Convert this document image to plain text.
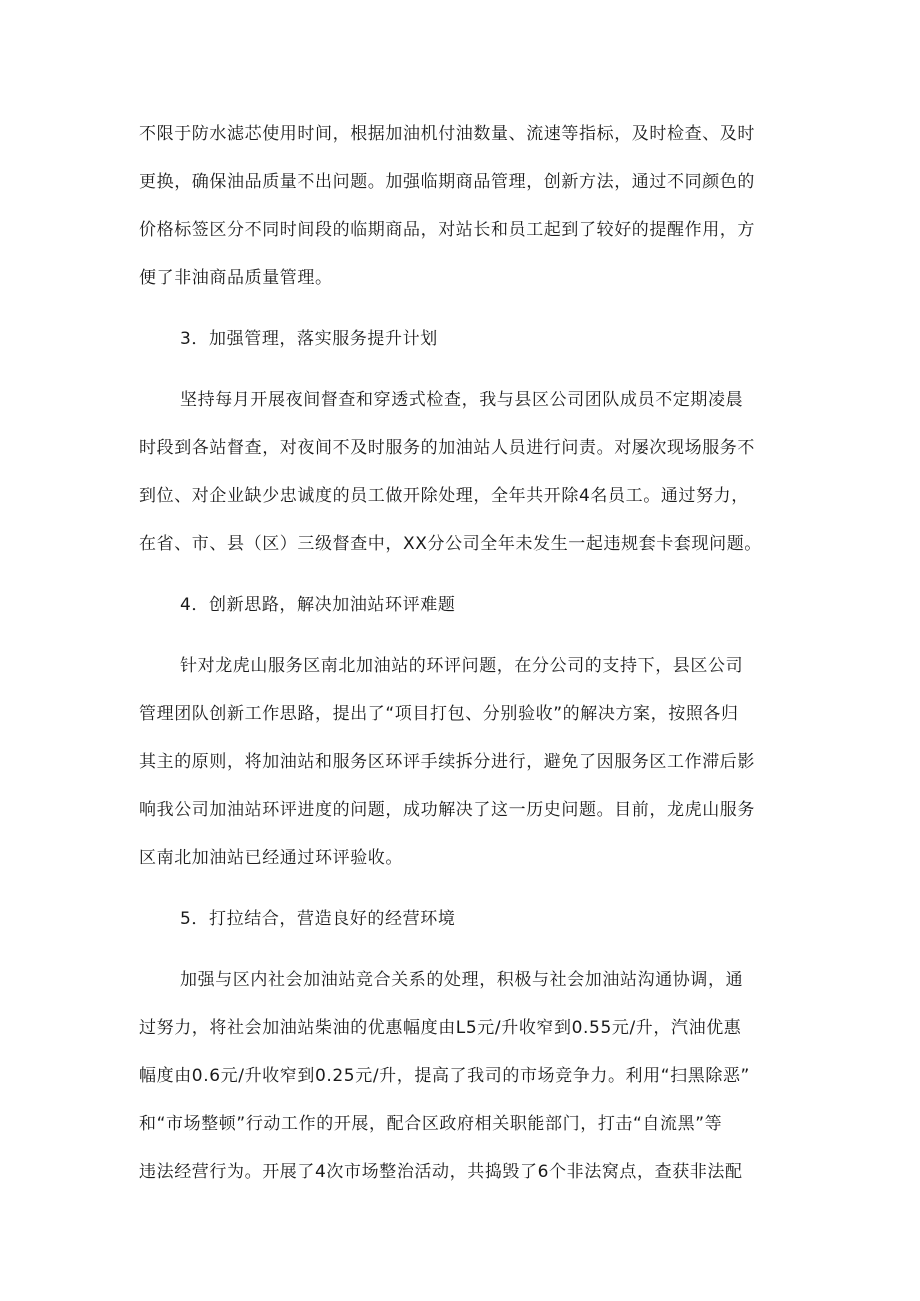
不限于防水滤芯使用时间，根据加油机付油数量、流速等指标，及时检查、及时
更换，确保油品质量不出问题。加强临期商品管理，创新方法，通过不同颜色的
价格标签区分不同时间段的临期商品，对站长和员工起到了较好的提醒作用，方
便了非油商品质量管理。
3．加强管理，落实服务提升计划
坚持每月开展夜间督查和穿透式检查，我与县区公司团队成员不定期凌晨
时段到各站督查，对夜间不及时服务的加油站人员进行问责。对屡次现场服务不
到位、对企业缺少忠诚度的员工做开除处理，全年共开除4名员工。通过努力，
在省、市、县（区）三级督查中，XX分公司全年未发生一起违规套卡套现问题。
4．创新思路，解决加油站环评难题
针对龙虎山服务区南北加油站的环评问题，在分公司的支持下，县区公司
管理团队创新工作思路，提出了“项目打包、分别验收”的解决方案，按照各归
其主的原则，将加油站和服务区环评手续拆分进行，避免了因服务区工作滞后影
响我公司加油站环评进度的问题，成功解决了这一历史问题。目前，龙虎山服务
区南北加油站已经通过环评验收。
5．打拉结合，营造良好的经营环境
加强与区内社会加油站竞合关系的处理，积极与社会加油站沟通协调，通
过努力，将社会加油站柴油的优惠幅度由L5元/升收窄到0.55元/升，汽油优惠
幅度由0.6元/升收窄到0.25元/升，提高了我司的市场竞争力。利用“扫黑除恶”
和“市场整顿”行动工作的开展，配合区政府相关职能部门，打击“自流黑”等
违法经营行为。开展了4次市场整治活动，共捣毁了6个非法窝点，查获非法配
